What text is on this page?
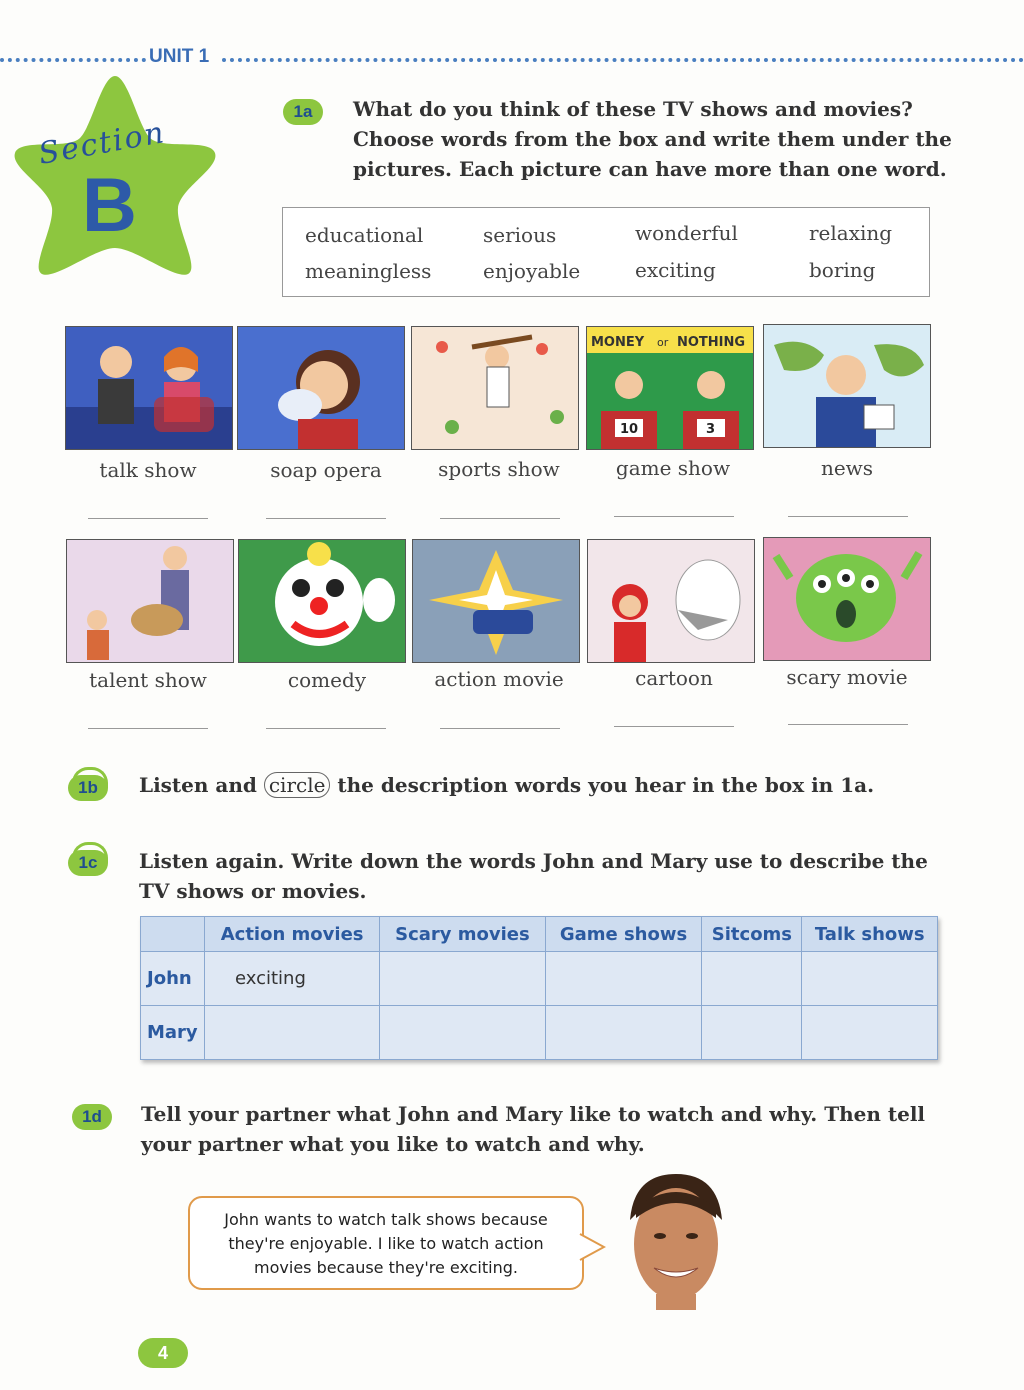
UNIT 1
Section
B
1a	What do you think of these TV shows and movies?
Choose words from the box and write them under the
pictures. Each picture can have more than one word.
educational	serious	wonderful	relaxing
meaningless	enjoyable	exciting	boring
MONEY or NOTHING
10	3
talk show	soap opera	sports show	game show	news
talent show	comedy	action movie	cartoon	scary movie
1b	Listen and circle the description words you hear in the box in 1a.
1c	Listen again. Write down the words John and Mary use to describe the
TV shows or movies.
	Action movies	Scary movies	Game shows	Sitcoms	Talk shows
John	exciting				
Mary					
1d	Tell your partner what John and Mary like to watch and why. Then tell
your partner what you like to watch and why.
John wants to watch talk shows because
they're enjoyable. I like to watch action
movies because they're exciting.
4
